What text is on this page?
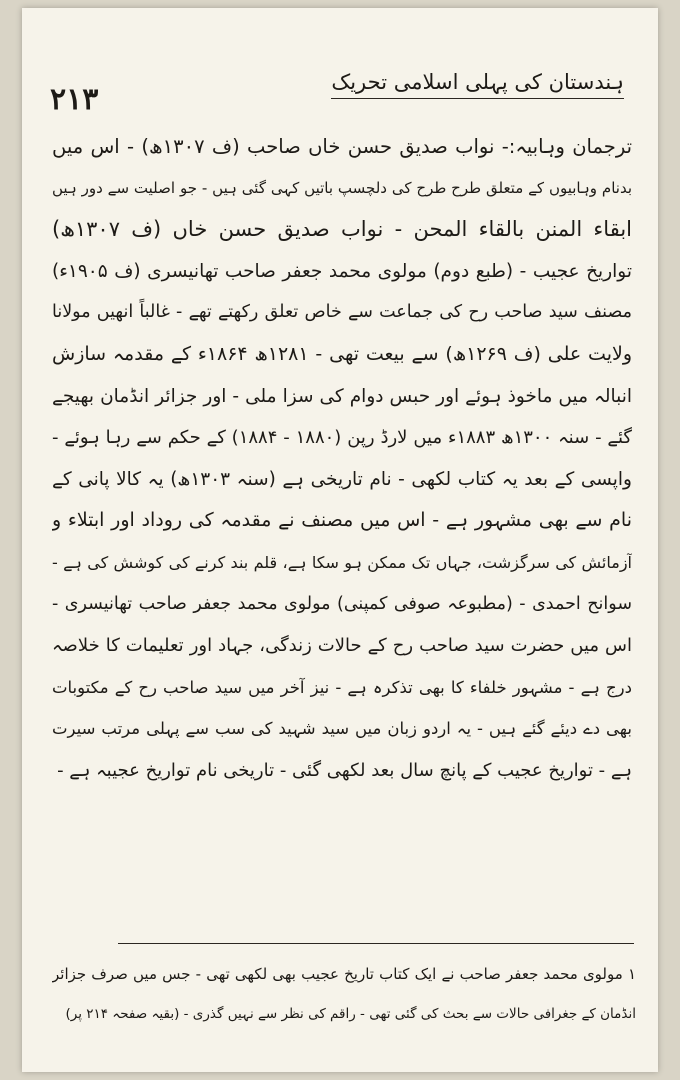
۲۱۳	ہندستان کی پہلی اسلامی تحریک
ترجمان وہابیہ:- نواب صدیق حسن خاں صاحب (ف ۱۳۰۷ھ) - اس میں
بدنام وہابیوں کے متعلق طرح طرح کی دلچسپ باتیں کہی گئی ہیں - جو اصلیت سے دور ہیں
ابقاء المنن بالقاء المحن - نواب صدیق حسن خاں (ف ۱۳۰۷ھ)
تواریخ عجیب - (طبع دوم) مولوی محمد جعفر صاحب تھانیسری (ف ۱۹۰۵ء)
مصنف سید صاحب رح کی جماعت سے خاص تعلق رکھتے تھے - غالباً انھیں مولانا
ولایت علی (ف ۱۲۶۹ھ) سے بیعت تھی - ۱۲۸۱ھ ۱۸۶۴ء کے مقدمہ سازش
انبالہ میں ماخوذ ہوئے اور حبس دوام کی سزا ملی - اور جزائر انڈمان بھیجے
گئے - سنہ ۱۳۰۰ھ ۱۸۸۳ء میں لارڈ رپن (۱۸۸۰ - ۱۸۸۴) کے حکم سے رہا ہوئے -
واپسی کے بعد یہ کتاب لکھی - نام تاریخی ہے (سنہ ۱۳۰۳ھ) یہ کالا پانی کے
نام سے بھی مشہور ہے - اس میں مصنف نے مقدمہ کی روداد اور ابتلاء و
آزمائش کی سرگزشت، جہاں تک ممکن ہو سکا ہے، قلم بند کرنے کی کوشش کی ہے -
سوانح احمدی - (مطبوعہ صوفی کمپنی) مولوی محمد جعفر صاحب تھانیسری -
اس میں حضرت سید صاحب رح کے حالات زندگی، جہاد اور تعلیمات کا خلاصہ
درج ہے - مشہور خلفاء کا بھی تذکرہ ہے - نیز آخر میں سید صاحب رح کے مکتوبات
بھی دے دیئے گئے ہیں - یہ اردو زبان میں سید شہید کی سب سے پہلی مرتب سیرت
ہے - تواریخ عجیب کے پانچ سال بعد لکھی گئی - تاریخی نام تواریخ عجیبہ ہے -
۱ مولوی محمد جعفر صاحب نے ایک کتاب تاریخ عجیب بھی لکھی تھی - جس میں صرف جزائر
انڈمان کے جغرافی حالات سے بحث کی گئی تھی - راقم کی نظر سے نہیں گذری - (بقیہ صفحہ ۲۱۴ پر)
